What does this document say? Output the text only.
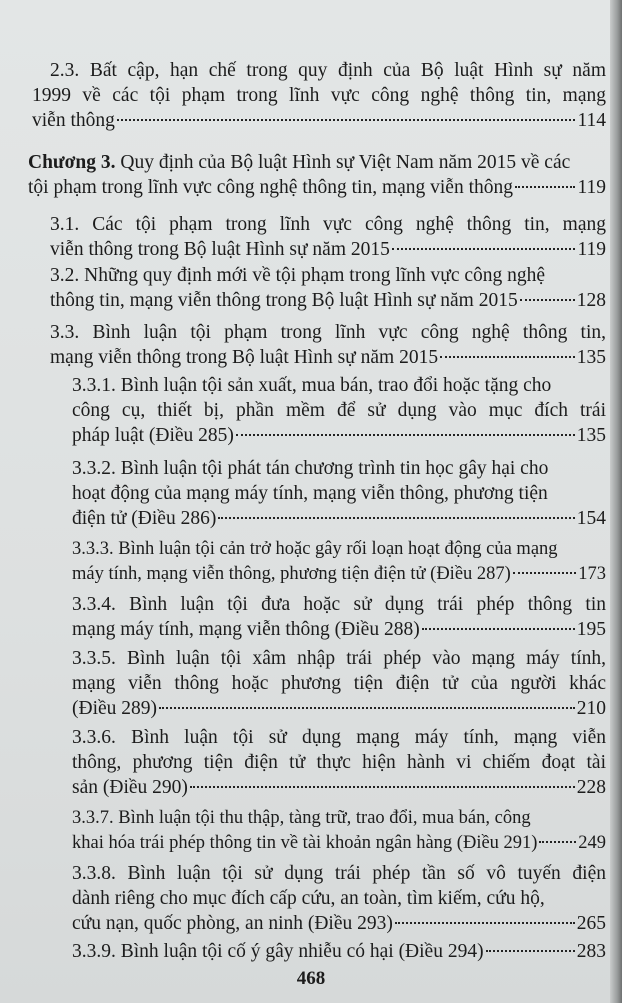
2.3. Bất cập, hạn chế trong quy định của Bộ luật Hình sự năm
1999 về các tội phạm trong lĩnh vực công nghệ thông tin, mạng
viễn thông	114
Chương 3. Quy định của Bộ luật Hình sự Việt Nam năm 2015 về các
tội phạm trong lĩnh vực công nghệ thông tin, mạng viễn thông	119
3.1. Các tội phạm trong lĩnh vực công nghệ thông tin, mạng
viễn thông trong Bộ luật Hình sự năm 2015	119
3.2. Những quy định mới về tội phạm trong lĩnh vực công nghệ
thông tin, mạng viễn thông trong Bộ luật Hình sự năm 2015	128
3.3. Bình luận tội phạm trong lĩnh vực công nghệ thông tin,
mạng viễn thông trong Bộ luật Hình sự năm 2015	135
3.3.1. Bình luận tội sản xuất, mua bán, trao đổi hoặc tặng cho
công cụ, thiết bị, phần mềm để sử dụng vào mục đích trái
pháp luật (Điều 285)	135
3.3.2. Bình luận tội phát tán chương trình tin học gây hại cho
hoạt động của mạng máy tính, mạng viễn thông, phương tiện
điện tử (Điều 286)	154
3.3.3. Bình luận tội cản trở hoặc gây rối loạn hoạt động của mạng
máy tính, mạng viễn thông, phương tiện điện tử (Điều 287)	173
3.3.4. Bình luận tội đưa hoặc sử dụng trái phép thông tin
mạng máy tính, mạng viễn thông (Điều 288)	195
3.3.5. Bình luận tội xâm nhập trái phép vào mạng máy tính,
mạng viễn thông hoặc phương tiện điện tử của người khác
(Điều 289)	210
3.3.6. Bình luận tội sử dụng mạng máy tính, mạng viễn
thông, phương tiện điện tử thực hiện hành vi chiếm đoạt tài
sản (Điều 290)	228
3.3.7. Bình luận tội thu thập, tàng trữ, trao đổi, mua bán, công
khai hóa trái phép thông tin về tài khoản ngân hàng (Điều 291) 249
3.3.8. Bình luận tội sử dụng trái phép tần số vô tuyến điện
dành riêng cho mục đích cấp cứu, an toàn, tìm kiếm, cứu hộ,
cứu nạn, quốc phòng, an ninh (Điều 293)	265
3.3.9. Bình luận tội cố ý gây nhiễu có hại (Điều 294)	283
468
